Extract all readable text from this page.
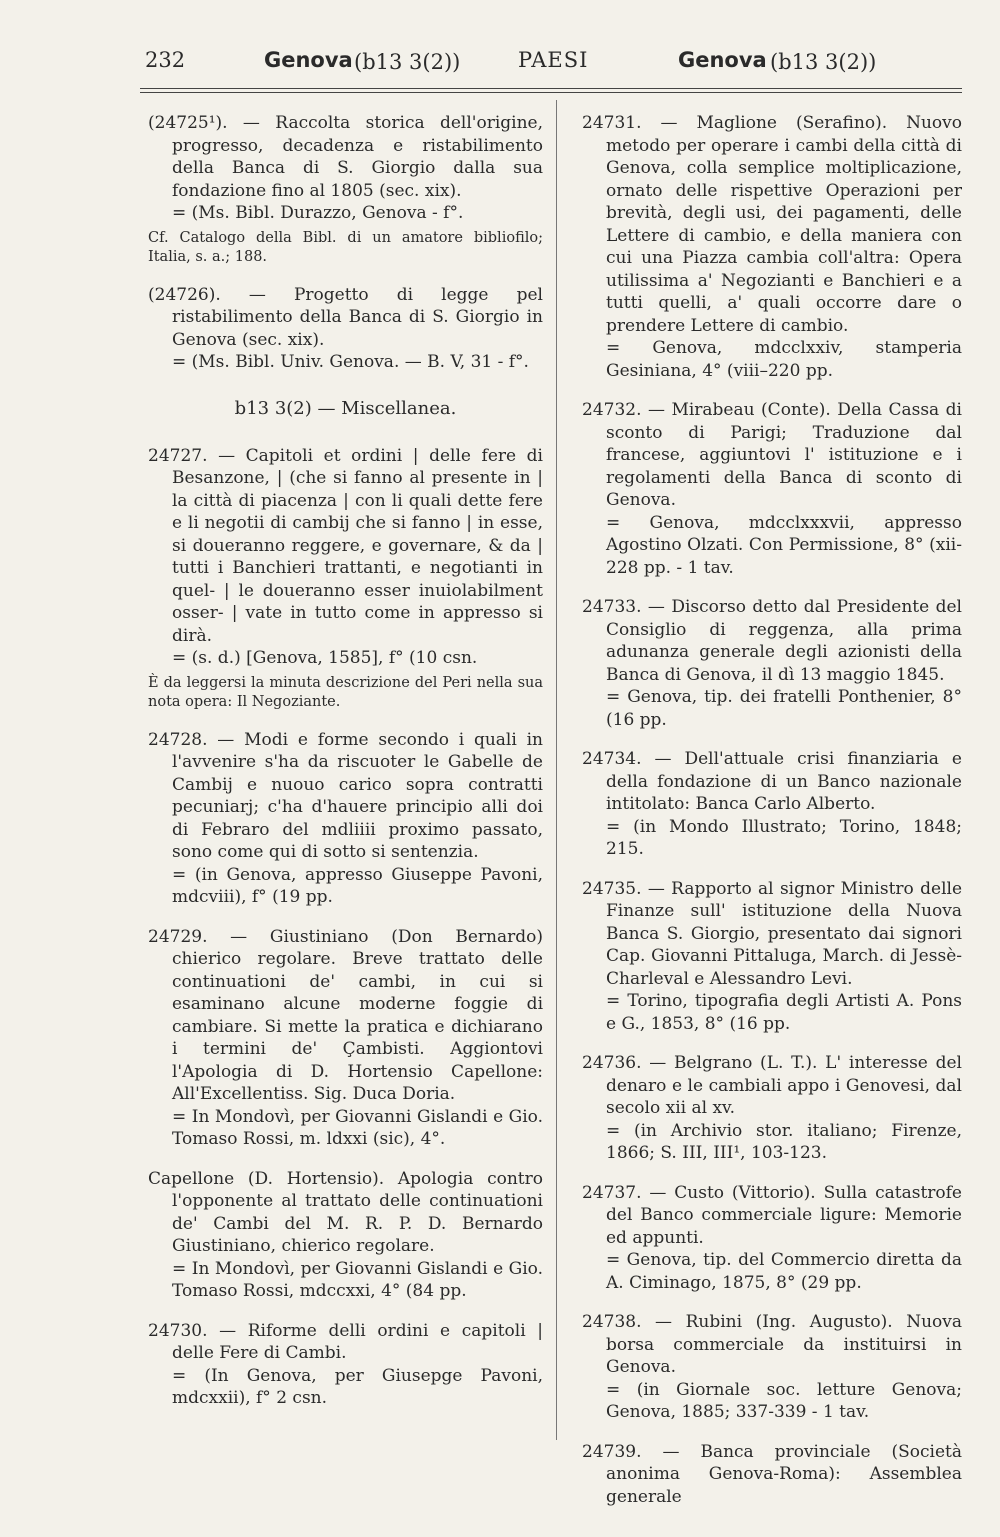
232	Genova (b13 3(2))	PAESI	Genova (b13 3(2))

(24725¹). — Raccolta storica dell'origine, progresso, decadenza e ristabilimento della Banca di S. Giorgio dalla sua fondazione fino al 1805 (sec. xix).

= (Ms. Bibl. Durazzo, Genova - f°.

Cf. Catalogo della Bibl. di un amatore bibliofilo; Italia, s. a.; 188.

(24726). — Progetto di legge pel ristabilimento della Banca di S. Giorgio in Genova (sec. xix).

= (Ms. Bibl. Univ. Genova. — B. V, 31 - f°.

b13 3(2) — Miscellanea.

24727. — Capitoli et ordini | delle fere di Besanzone, | (che si fanno al presente in | la città di piacenza | con li quali dette fere e li negotii di cambij che si fanno | in esse, si doueranno reggere, e governare, & da | tutti i Banchieri trattanti, e negotianti in quel- | le doueranno esser inuiolabilment osser- | vate in tutto come in appresso si dirà.

= (s. d.) [Genova, 1585], f° (10 csn.

È da leggersi la minuta descrizione del Peri nella sua nota opera: Il Negoziante.

24728. — Modi e forme secondo i quali in l'avvenire s'ha da riscuoter le Gabelle de Cambij e nuouo carico sopra contratti pecuniarj; c'ha d'hauere principio alli doi di Febraro del mdliiii proximo passato, sono come qui di sotto si sentenzia.

= (in Genova, appresso Giuseppe Pavoni, mdcviii), f° (19 pp.

24729. — Giustiniano (Don Bernardo) chierico regolare. Breve trattato delle continuationi de' cambi, in cui si esaminano alcune moderne foggie di cambiare. Si mette la pratica e dichiarano i termini de' Çambisti. Aggiontovi l'Apologia di D. Hortensio Capellone: All'Excellentiss. Sig. Duca Doria.

= In Mondovì, per Giovanni Gislandi e Gio. Tomaso Rossi, m. ldxxi (sic), 4°.

Capellone (D. Hortensio). Apologia contro l'opponente al trattato delle continuationi de' Cambi del M. R. P. D. Bernardo Giustiniano, chierico regolare.

= In Mondovì, per Giovanni Gislandi e Gio. Tomaso Rossi, mdccxxi, 4° (84 pp.

24730. — Riforme delli ordini e capitoli | delle Fere di Cambi.

= (In Genova, per Giusepge Pavoni, mdcxxii), f° 2 csn.

24731. — Maglione (Serafino). Nuovo metodo per operare i cambi della città di Genova, colla semplice moltiplicazione, ornato delle rispettive Operazioni per brevità, degli usi, dei pagamenti, delle Lettere di cambio, e della maniera con cui una Piazza cambia coll'altra: Opera utilissima a' Negozianti e Banchieri e a tutti quelli, a' quali occorre dare o prendere Lettere di cambio.

= Genova, mdcclxxiv, stamperia Gesiniana, 4° (viii–220 pp.

24732. — Mirabeau (Conte). Della Cassa di sconto di Parigi; Traduzione dal francese, aggiuntovi l' istituzione e i regolamenti della Banca di sconto di Genova.

= Genova, mdcclxxxvii, appresso Agostino Olzati. Con Permissione, 8° (xii-228 pp. - 1 tav.

24733. — Discorso detto dal Presidente del Consiglio di reggenza, alla prima adunanza generale degli azionisti della Banca di Genova, il dì 13 maggio 1845.

= Genova, tip. dei fratelli Ponthenier, 8° (16 pp.

24734. — Dell'attuale crisi finanziaria e della fondazione di un Banco nazionale intitolato: Banca Carlo Alberto.

= (in Mondo Illustrato; Torino, 1848; 215.

24735. — Rapporto al signor Ministro delle Finanze sull' istituzione della Nuova Banca S. Giorgio, presentato dai signori Cap. Giovanni Pittaluga, March. di Jessè-Charleval e Alessandro Levi.

= Torino, tipografia degli Artisti A. Pons e G., 1853, 8° (16 pp.

24736. — Belgrano (L. T.). L' interesse del denaro e le cambiali appo i Genovesi, dal secolo xii al xv.

= (in Archivio stor. italiano; Firenze, 1866; S. III, III¹, 103-123.

24737. — Custo (Vittorio). Sulla catastrofe del Banco commerciale ligure: Memorie ed appunti.

= Genova, tip. del Commercio diretta da A. Ciminago, 1875, 8° (29 pp.

24738. — Rubini (Ing. Augusto). Nuova borsa commerciale da instituirsi in Genova.

= (in Giornale soc. letture Genova; Genova, 1885; 337-339 - 1 tav.

24739. — Banca provinciale (Società anonima Genova-Roma): Assemblea generale
